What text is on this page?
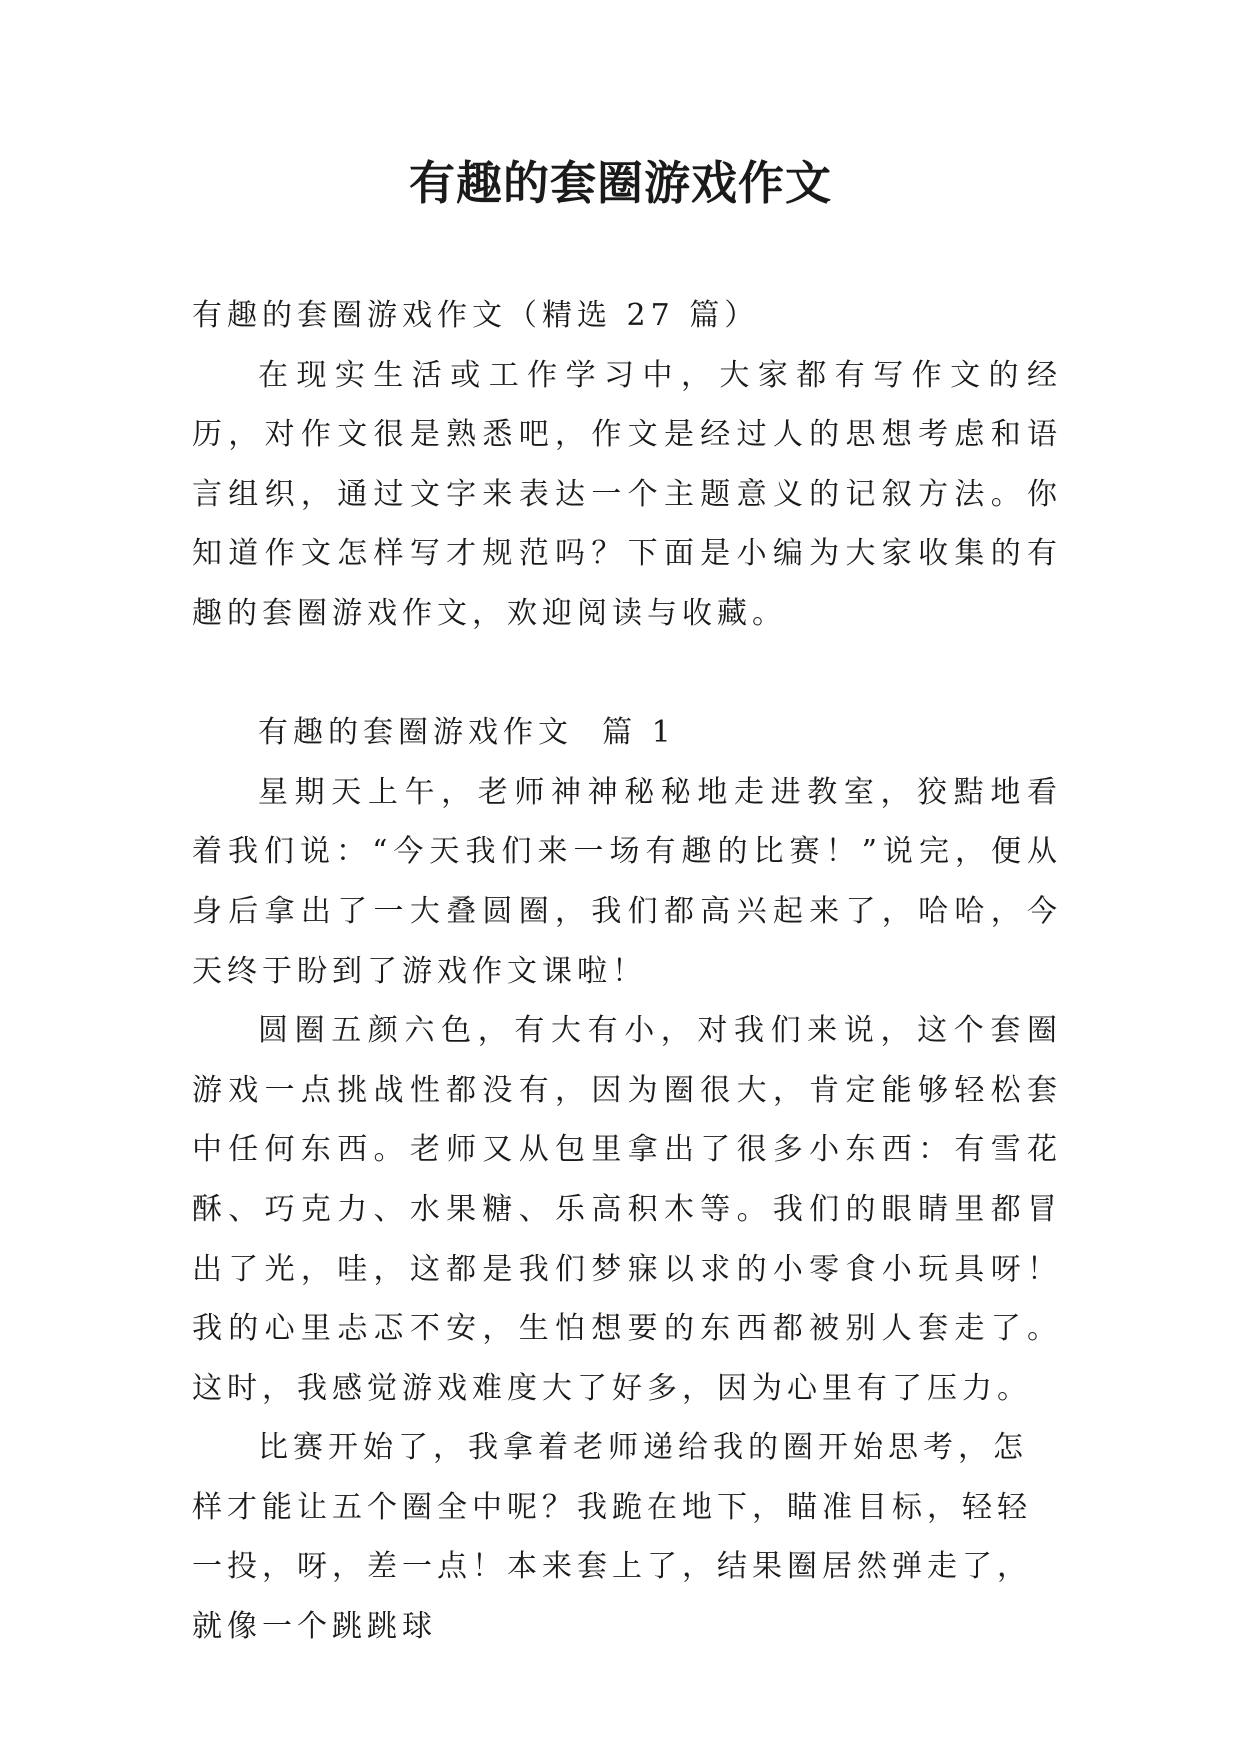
有趣的套圈游戏作文

有趣的套圈游戏作文（精选 27 篇）

在现实生活或工作学习中，大家都有写作文的经历，对作文很是熟悉吧，作文是经过人的思想考虑和语言组织，通过文字来表达一个主题意义的记叙方法。你知道作文怎样写才规范吗？下面是小编为大家收集的有趣的套圈游戏作文，欢迎阅读与收藏。

有趣的套圈游戏作文  篇 1

星期天上午，老师神神秘秘地走进教室，狡黠地看着我们说：“今天我们来一场有趣的比赛！”说完，便从身后拿出了一大叠圆圈，我们都高兴起来了，哈哈，今天终于盼到了游戏作文课啦！

圆圈五颜六色，有大有小，对我们来说，这个套圈游戏一点挑战性都没有，因为圈很大，肯定能够轻松套中任何东西。老师又从包里拿出了很多小东西：有雪花酥、巧克力、水果糖、乐高积木等。我们的眼睛里都冒出了光，哇，这都是我们梦寐以求的小零食小玩具呀！我的心里忐忑不安，生怕想要的东西都被别人套走了。这时，我感觉游戏难度大了好多，因为心里有了压力。

比赛开始了，我拿着老师递给我的圈开始思考，怎样才能让五个圈全中呢？我跪在地下，瞄准目标，轻轻一投，呀，差一点！本来套上了，结果圈居然弹走了，就像一个跳跳球
